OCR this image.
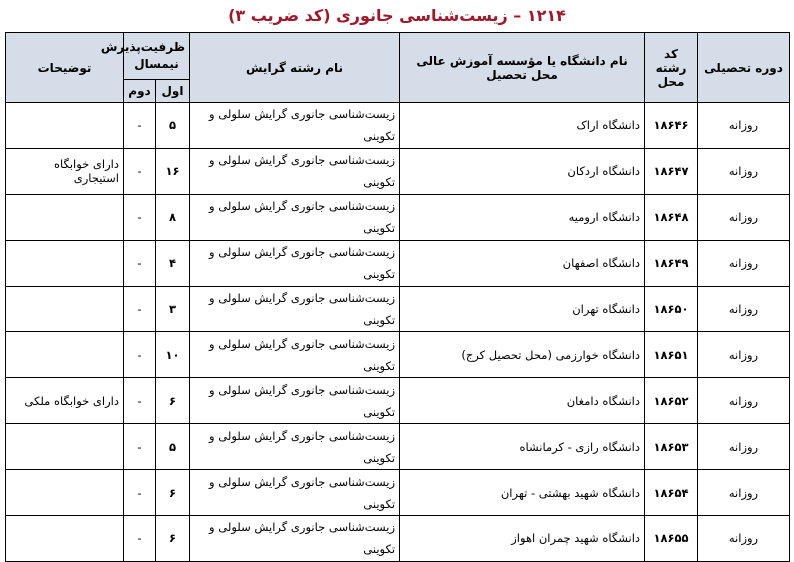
۱۲۱۴ – زیست‌شناسی جانوری (کد ضریب ۳)
دوره تحصیلی	کد رشته محل	نام دانشگاه یا مؤسسه آموزش عالی محل تحصیل	نام رشته گرایش	ظرفیت‌پذیرش نیمسال		توضیحات
				اول	دوم	
روزانه	۱۸۶۴۶	دانشگاه اراک	زیست‌شناسی جانوری گرایش سلولی و تکوینی	۵	-	
روزانه	۱۸۶۴۷	دانشگاه اردکان	زیست‌شناسی جانوری گرایش سلولی و تکوینی	۱۶	-	دارای خوابگاه استیجاری
روزانه	۱۸۶۴۸	دانشگاه ارومیه	زیست‌شناسی جانوری گرایش سلولی و تکوینی	۸	-	
روزانه	۱۸۶۴۹	دانشگاه اصفهان	زیست‌شناسی جانوری گرایش سلولی و تکوینی	۴	-	
روزانه	۱۸۶۵۰	دانشگاه تهران	زیست‌شناسی جانوری گرایش سلولی و تکوینی	۳	-	
روزانه	۱۸۶۵۱	دانشگاه خوارزمی (محل تحصیل کرج)	زیست‌شناسی جانوری گرایش سلولی و تکوینی	۱۰	-	
روزانه	۱۸۶۵۲	دانشگاه دامغان	زیست‌شناسی جانوری گرایش سلولی و تکوینی	۶	-	دارای خوابگاه ملکی
روزانه	۱۸۶۵۳	دانشگاه رازی - کرمانشاه	زیست‌شناسی جانوری گرایش سلولی و تکوینی	۵	-	
روزانه	۱۸۶۵۴	دانشگاه شهید بهشتی - تهران	زیست‌شناسی جانوری گرایش سلولی و تکوینی	۶	-	
روزانه	۱۸۶۵۵	دانشگاه شهید چمران اهواز	زیست‌شناسی جانوری گرایش سلولی و تکوینی	۶	-	
